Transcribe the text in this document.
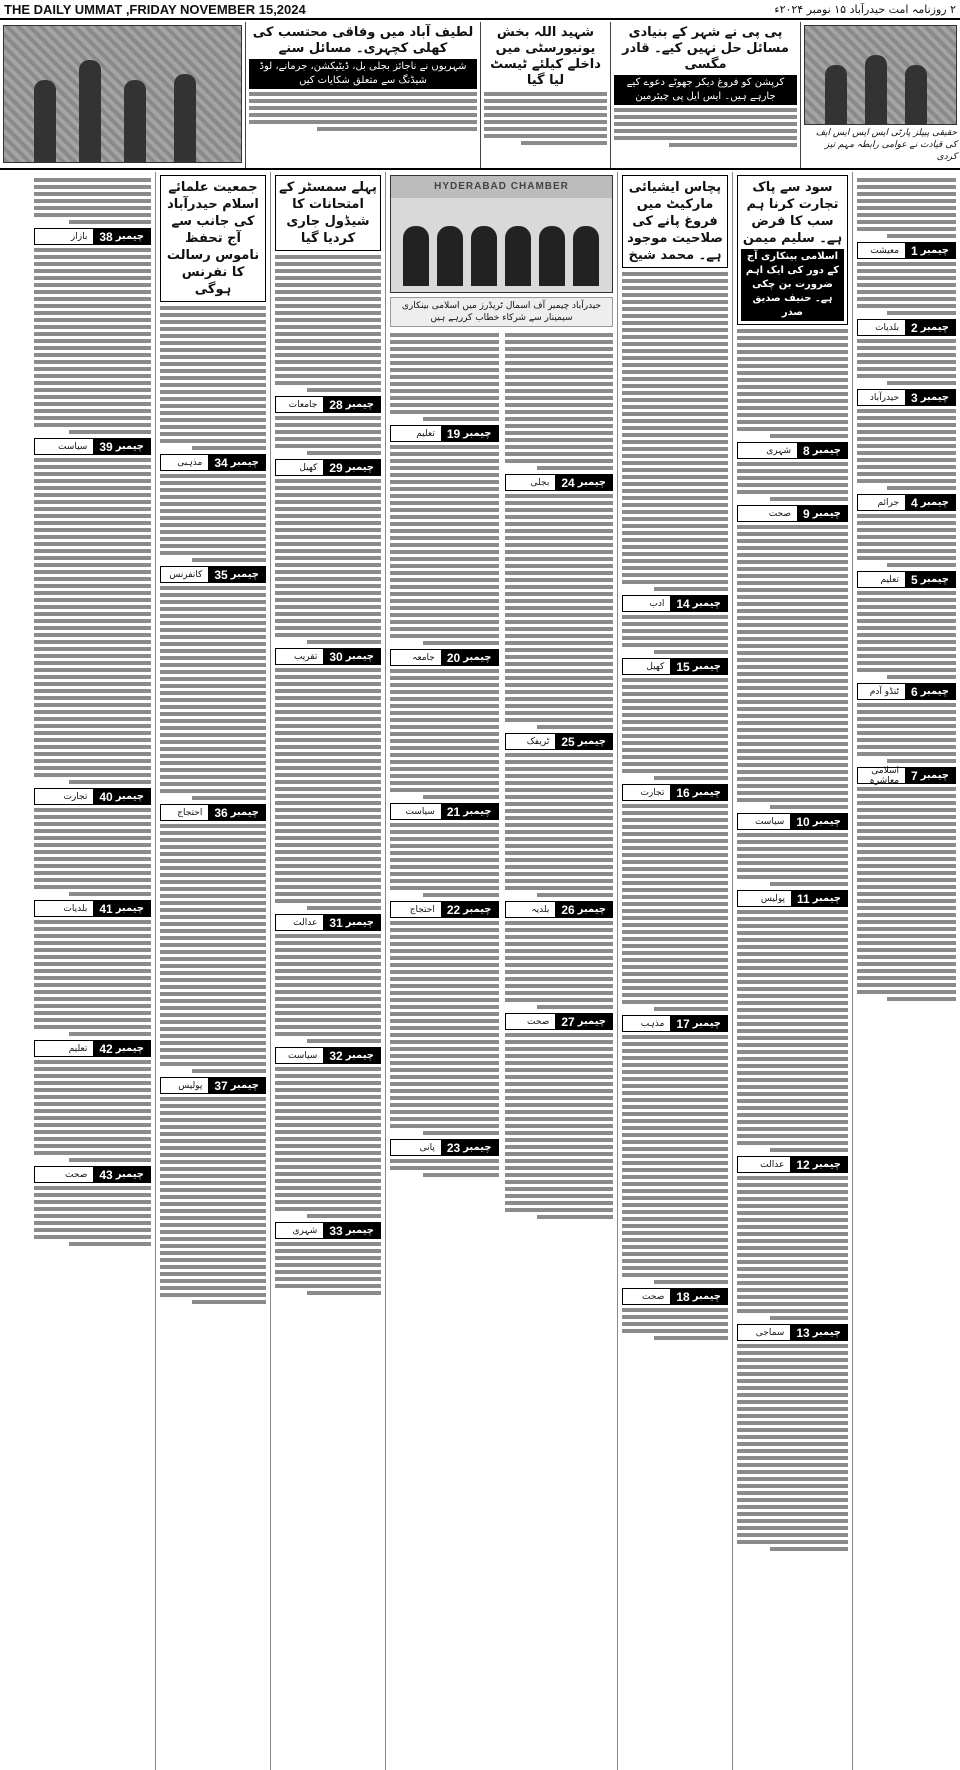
THE DAILY UMMAT ,FRIDAY NOVEMBER 15,2024	۲ روزنامہ امت حیدرآباد ۱۵ نومبر ۲۰۲۴ء
حقیقی پیپلز پارٹی ایس ایس ایس ایف کی قیادت نے عوامی رابطہ مہم تیز کردی
پی پی نے شہر کے بنیادی مسائل حل نہیں کیے۔ قادر مگسی
کرپشن کو فروغ دیکر جھوٹے دعوے کیے جارہے ہیں۔ ایس ایل پی چیئرمین
شہید اللہ بخش یونیورسٹی میں داخلے کیلئے ٹیسٹ لیا گیا
لطیف آباد میں وفاقی محتسب کی کھلی کچہری۔ مسائل سنے
شہریوں نے ناجائز بجلی بل، ڈیٹیکشن، جرمانے، لوڈ شیڈنگ سے متعلق شکایات کیں
چیمبر
1
معیشت
چیمبر
2
بلدیات
چیمبر
3
حیدرآباد
چیمبر
4
جرائم
چیمبر
5
تعلیم
چیمبر
6
ٹنڈو آدم
چیمبر
7
اسلامی معاشرہ
سود سے پاک تجارت کرنا ہم سب کا فرض ہے۔ سلیم میمن
اسلامی بینکاری آج کے دور کی ایک اہم ضرورت بن چکی ہے۔ حنیف صدیق صدر
چیمبر
8
شہری
چیمبر
9
صحت
چیمبر
10
سیاست
چیمبر
11
پولیس
چیمبر
12
عدالت
چیمبر
13
سماجی
پچاس ایشیائی مارکیٹ میں فروغ پانے کی صلاحیت موجود ہے۔ محمد شیخ
چیمبر
14
ادب
چیمبر
15
کھیل
چیمبر
16
تجارت
چیمبر
17
مذہب
چیمبر
18
صحت
HYDERABAD CHAMBER
حیدرآباد چیمبر آف اسمال ٹریڈرز میں اسلامی بینکاری سیمینار سے شرکاء خطاب کررہے ہیں
چیمبر
19
تعلیم
چیمبر
20
جامعہ
چیمبر
21
سیاست
چیمبر
22
احتجاج
چیمبر
23
پانی
چیمبر
24
بجلی
چیمبر
25
ٹریفک
چیمبر
26
بلدیہ
چیمبر
27
صحت
پہلے سمسٹر کے امتحانات کا شیڈول جاری کردیا گیا
چیمبر
28
جامعات
چیمبر
29
کھیل
چیمبر
30
تقریب
چیمبر
31
عدالت
چیمبر
32
سیاست
چیمبر
33
شہری
جمعیت علمائے اسلام حیدرآباد کی جانب سے آج تحفظ ناموس رسالت کا نفرنس ہوگی
چیمبر
34
مذہبی
چیمبر
35
کانفرنس
چیمبر
36
احتجاج
چیمبر
37
پولیس
چیمبر
38
بازار
چیمبر
39
سیاست
چیمبر
40
تجارت
چیمبر
41
بلدیات
چیمبر
42
تعلیم
چیمبر
43
صحت
